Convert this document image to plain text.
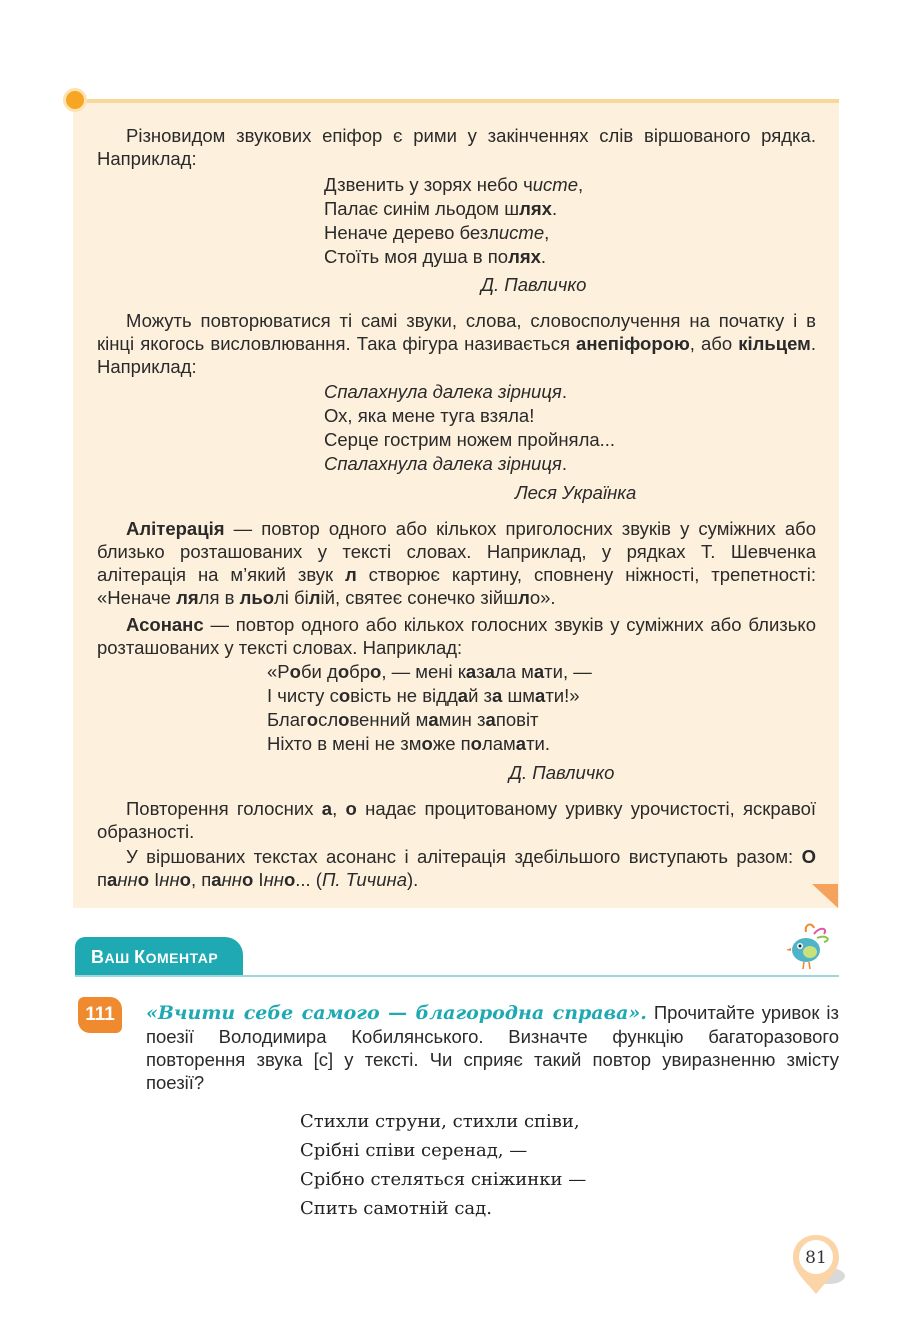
Різновидом звукових епіфор є рими у закінченнях слів віршованого рядка. Наприклад:
Дзвенить у зорях небо чисте,
Палає синім льодом шлях.
Неначе дерево безлисте,
Стоїть моя душа в полях.
Д. Павличко
Можуть повторюватися ті самі звуки, слова, словосполучення на початку і в кінці якогось висловлювання. Така фігура називається анепіфорою, або кільцем. Наприклад:
Спалахнула далека зірниця.
Ох, яка мене туга взяла!
Серце гострим ножем пройняла...
Спалахнула далека зірниця.
Леся Українка
Алітерація — повтор одного або кількох приголосних звуків у суміжних або близько розташованих у тексті словах. Наприклад, у рядках Т. Шевченка алітерація на м’який звук л створює картину, сповнену ніжності, трепетності: «Неначе ляля в льолі білій, святеє сонечко зійшло».
Асонанс — повтор одного або кількох голосних звуків у суміжних або близько розташованих у тексті словах. Наприклад:
«Роби добро, — мені казала мати, —
І чисту совість не віддай за шмати!»
Благословенний мамин заповіт
Ніхто в мені не зможе поламати.
Д. Павличко
Повторення голосних а, о надає процитованому уривку урочистості, яскравої образності.
У віршованих текстах асонанс і алітерація здебільшого виступають разом: О панно Інно, панно Інно... (П. Тичина).
ВАШ КОМЕНТАР
111	«Вчити себе самого — благородна справа». Прочитайте уривок із поезії Володимира Кобилянського. Визначте функцію багаторазового повторення звука [с] у тексті. Чи сприяє такий повтор увиразненню змісту поезії?
Стихли струни, стихли співи,
Срібні співи серенад, —
Срібно стеляться сніжинки —
Спить самотній сад.
81
